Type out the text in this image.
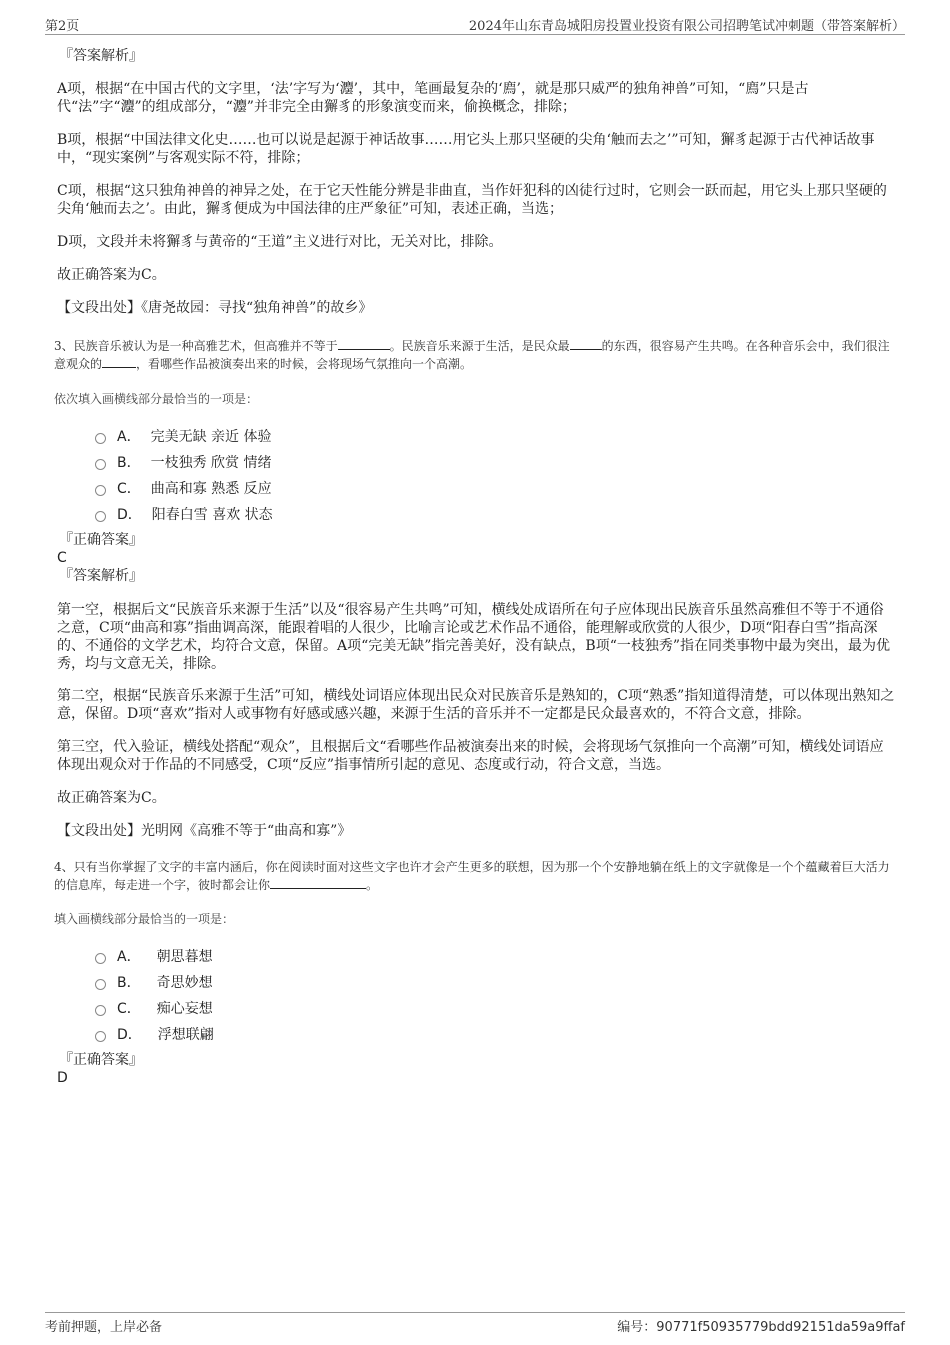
第2页	2024年山东青岛城阳房投置业投资有限公司招聘笔试冲刺题（带答案解析）
『答案解析』

A项，根据“在中国古代的文字里，‘法’字写为‘灋’，其中，笔画最复杂的‘廌’，就是那只威严的独角神兽”可知，“廌”只是古代“法”字“灋”的组成部分，“灋”并非完全由獬豸的形象演变而来，偷换概念，排除；

B项，根据“中国法律文化史……也可以说是起源于神话故事……用它头上那只坚硬的尖角‘触而去之’”可知，獬豸起源于古代神话故事中，“现实案例”与客观实际不符，排除；

C项，根据“这只独角神兽的神异之处，在于它天性能分辨是非曲直，当作奸犯科的凶徒行过时，它则会一跃而起，用它头上那只坚硬的尖角‘触而去之’。由此，獬豸便成为中国法律的庄严象征”可知，表述正确，当选；

D项，文段并未将獬豸与黄帝的“王道”主义进行对比，无关对比，排除。

故正确答案为C。

【文段出处】《唐尧故园：寻找“独角神兽”的故乡》

3、民族音乐被认为是一种高雅艺术，但高雅并不等于	。民族音乐来源于生活，是民众最	的东西，很容易产生共鸣。在各种音乐会中，我们很注意观众的	，看哪些作品被演奏出来的时候，会将现场气氛推向一个高潮。

依次填入画横线部分最恰当的一项是：

A． 完美无缺 亲近 体验
B． 一枝独秀 欣赏 情绪
C． 曲高和寡 熟悉 反应
D． 阳春白雪 喜欢 状态
『正确答案』
C
『答案解析』

第一空，根据后文“民族音乐来源于生活”以及“很容易产生共鸣”可知，横线处成语所在句子应体现出民族音乐虽然高雅但不等于不通俗之意，C项“曲高和寡”指曲调高深，能跟着唱的人很少，比喻言论或艺术作品不通俗，能理解或欣赏的人很少，D项“阳春白雪”指高深的、不通俗的文学艺术，均符合文意，保留。A项“完美无缺”指完善美好，没有缺点，B项“一枝独秀”指在同类事物中最为突出，最为优秀，均与文意无关，排除。

第二空，根据“民族音乐来源于生活”可知，横线处词语应体现出民众对民族音乐是熟知的，C项“熟悉”指知道得清楚，可以体现出熟知之意，保留。D项“喜欢”指对人或事物有好感或感兴趣，来源于生活的音乐并不一定都是民众最喜欢的，不符合文意，排除。

第三空，代入验证，横线处搭配“观众”，且根据后文“看哪些作品被演奏出来的时候，会将现场气氛推向一个高潮”可知，横线处词语应体现出观众对于作品的不同感受，C项“反应”指事情所引起的意见、态度或行动，符合文意，当选。

故正确答案为C。

【文段出处】光明网《高雅不等于“曲高和寡”》

4、只有当你掌握了文字的丰富内涵后，你在阅读时面对这些文字也许才会产生更多的联想，因为那一个个安静地躺在纸上的文字就像是一个个蕴藏着巨大活力的信息库，每走进一个字，彼时都会让你	。

填入画横线部分最恰当的一项是：

A． 朝思暮想
B． 奇思妙想
C． 痴心妄想
D． 浮想联翩
『正确答案』
D
考前押题，上岸必备	编号：90771f50935779bdd92151da59a9ffaf
